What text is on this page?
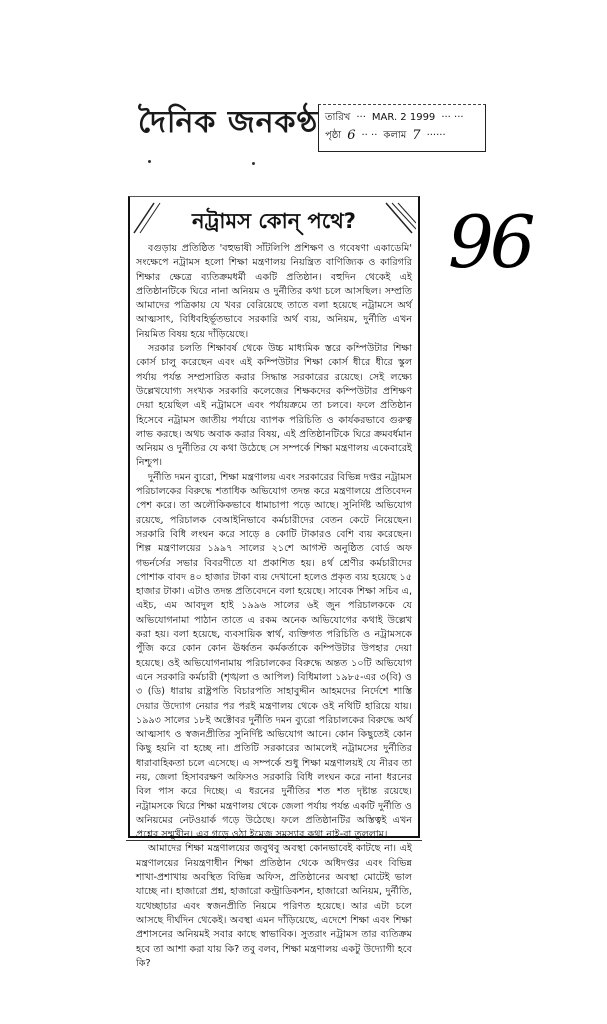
দৈনিক জনকণ্ঠ তারিখ ··· MAR. 2 1999 ··· ···
পৃষ্ঠা 6 ·· ·· কলাম 7 ······
96
নট্রামস কোন্ পথে?

বগুড়ায় প্রতিষ্ঠিত 'বহুভাষী সাঁটলিপি প্রশিক্ষণ ও গবেষণা একাডেমি' সংক্ষেপে নট্রামস হলো শিক্ষা মন্ত্রণালয় নিয়ন্ত্রিত বাণিজ্যিক ও কারিগরি শিক্ষার ক্ষেত্রে ব্যতিক্রমধর্মী একটি প্রতিষ্ঠান। বহুদিন থেকেই এই প্রতিষ্ঠানটিকে ঘিরে নানা অনিয়ম ও দুর্নীতির কথা চলে আসছিল। সম্প্রতি আমাদের পত্রিকায় যে খবর বেরিয়েছে তাতে বলা হয়েছে নট্রামসে অর্থ আত্মসাৎ, বিধিবহির্ভূতভাবে সরকারি অর্থ ব্যয়, অনিয়ম, দুর্নীতি এখন নিয়মিত বিষয় হয়ে দাঁড়িয়েছে।

সরকার চলতি শিক্ষাবর্ষ থেকে উচ্চ মাধ্যমিক স্তরে কম্পিউটার শিক্ষা কোর্স চালু করেছেন এবং এই কম্পিউটার শিক্ষা কোর্স ধীরে ধীরে স্কুল পর্যায় পর্যন্ত সম্প্রসারিত করার সিদ্ধান্ত সরকারের রয়েছে। সেই লক্ষ্যে উল্লেখযোগ্য সংখ্যক সরকারি কলেজের শিক্ষকদের কম্পিউটার প্রশিক্ষণ দেয়া হয়েছিল এই নট্রামসে এবং পর্যায়ক্রমে তা চলবে। ফলে প্রতিষ্ঠান হিসেবে নট্রামস জাতীয় পর্যায়ে ব্যাপক পরিচিতি ও কার্যকরভাবে গুরুত্ব লাভ করছে। অথচ অবাক করার বিষয়, এই প্রতিষ্ঠানটিকে ঘিরে ক্রমবর্ধমান অনিয়ম ও দুর্নীতির যে কথা উঠেছে সে সম্পর্কে শিক্ষা মন্ত্রণালয় একেবারেই নিশ্চুপ।

দুর্নীতি দমন ব্যুরো, শিক্ষা মন্ত্রণালয় এবং সরকারের বিভিন্ন দপ্তর নট্রামস পরিচালকের বিরুদ্ধে শতাধিক অভিযোগ তদন্ত করে মন্ত্রণালয়ে প্রতিবেদন পেশ করে। তা অলৌকিকভাবে ধামাচাপা পড়ে আছে। সুনির্দিষ্ট অভিযোগ রয়েছে, পরিচালক বেআইনিভাবে কর্মচারীদের বেতন কেটে নিয়েছেন। সরকারি বিধি লংঘন করে সাড়ে ৪ কোটি টাকারও বেশি ব্যয় করেছেন। শিল্প মন্ত্রণালয়ের ১৯৯৭ সালের ২১শে আগস্ট অনুষ্ঠিত বোর্ড অফ গভর্নর্সের সভার বিবরণীতে যা প্রকাশিত হয়। ৪র্থ শ্রেণীর কর্মচারীদের পোশাক বাবদ ৪০ হাজার টাকা ব্যয় দেখানো হলেও প্রকৃত ব্যয় হয়েছে ১৫ হাজার টাকা। এটাও তদন্ত প্রতিবেদনে বলা হয়েছে। সাবেক শিক্ষা সচিব এ, এইচ, এম আবদুল হাই ১৯৯৬ সালের ৬ই জুন পরিচালককে যে অভিযোগনামা পাঠান তাতে এ রকম অনেক অভিযোগের কথাই উল্লেখ করা হয়। বলা হয়েছে, ব্যবসায়িক স্বার্থ, ব্যক্তিগত পরিচিতি ও নট্রামসকে পুঁজি করে কোন কোন ঊর্ধ্বতন কর্মকর্তাকে কম্পিউটার উপহার দেয়া হয়েছে। ওই অভিযোগনামায় পরিচালকের বিরুদ্ধে অন্তত ১০টি অভিযোগ এনে সরকারি কর্মচারী (শৃঙ্খলা ও আপিল) বিধিমালা ১৯৮৫-এর ৩(বি) ও ৩ (ডি) ধারায় রাষ্ট্রপতি বিচারপতি সাহাবুদ্দীন আহমদের নির্দেশে শাস্তি দেয়ার উদ্যোগ নেয়ার পর পরই মন্ত্রণালয় থেকে ওই নথিটি হারিয়ে যায়। ১৯৯৩ সালের ১৮ই অক্টোবর দুর্নীতি দমন ব্যুরো পরিচালকের বিরুদ্ধে অর্থ আত্মসাৎ ও স্বজনপ্রীতির সুনির্দিষ্ট অভিযোগ আনে। কোন কিছুতেই কোন কিছু হয়নি বা হচ্ছে না। প্রতিটি সরকারের আমলেই নট্রামসের দুর্নীতির ধারাবাহিকতা চলে এসেছে। এ সম্পর্কে শুধু শিক্ষা মন্ত্রণালয়ই যে নীরব তা নয়, জেলা হিসাবরক্ষণ অফিসও সরকারি বিধি লংঘন করে নানা ধরনের বিল পাস করে দিচ্ছে। এ ধরনের দুর্নীতির শত শত দৃষ্টান্ত রয়েছে। নট্রামসকে ঘিরে শিক্ষা মন্ত্রণালয় থেকে জেলা পর্যায় পর্যন্ত একটি দুর্নীতি ও অনিয়মের নেটওয়ার্ক গড়ে উঠেছে। ফলে প্রতিষ্ঠানটির অস্তিত্বই এখন প্রশ্নের সম্মুখীন। এর গড়ে ওঠা ইমেজ সমস্যার কথা নাই-বা তুললাম।

আমাদের শিক্ষা মন্ত্রণালয়ের জবুথবু অবস্থা কোনভাবেই কাটছে না। এই মন্ত্রণালয়ের নিয়ন্ত্রণাধীন শিক্ষা প্রতিষ্ঠান থেকে অধিদপ্তর এবং বিভিন্ন শাখা-প্রশাখায় অবস্থিত বিভিন্ন অফিস, প্রতিষ্ঠানের অবস্থা মোটেই ভাল যাচ্ছে না। হাজারো প্রশ্ন, হাজারো কন্ট্রাডিকশন, হাজারো অনিয়ম, দুর্নীতি, যথেচ্ছাচার এবং স্বজনপ্রীতি নিয়মে পরিণত হয়েছে। আর এটা চলে আসছে দীর্ঘদিন থেকেই। অবস্থা এমন দাঁড়িয়েছে, এদেশে শিক্ষা এবং শিক্ষা প্রশাসনের অনিয়মই সবার কাছে স্বাভাবিক। সুতরাং নট্রামস তার ব্যতিক্রম হবে তা আশা করা যায় কি? তবু বলব, শিক্ষা মন্ত্রণালয় একটু উদ্যোগী হবে কি?
